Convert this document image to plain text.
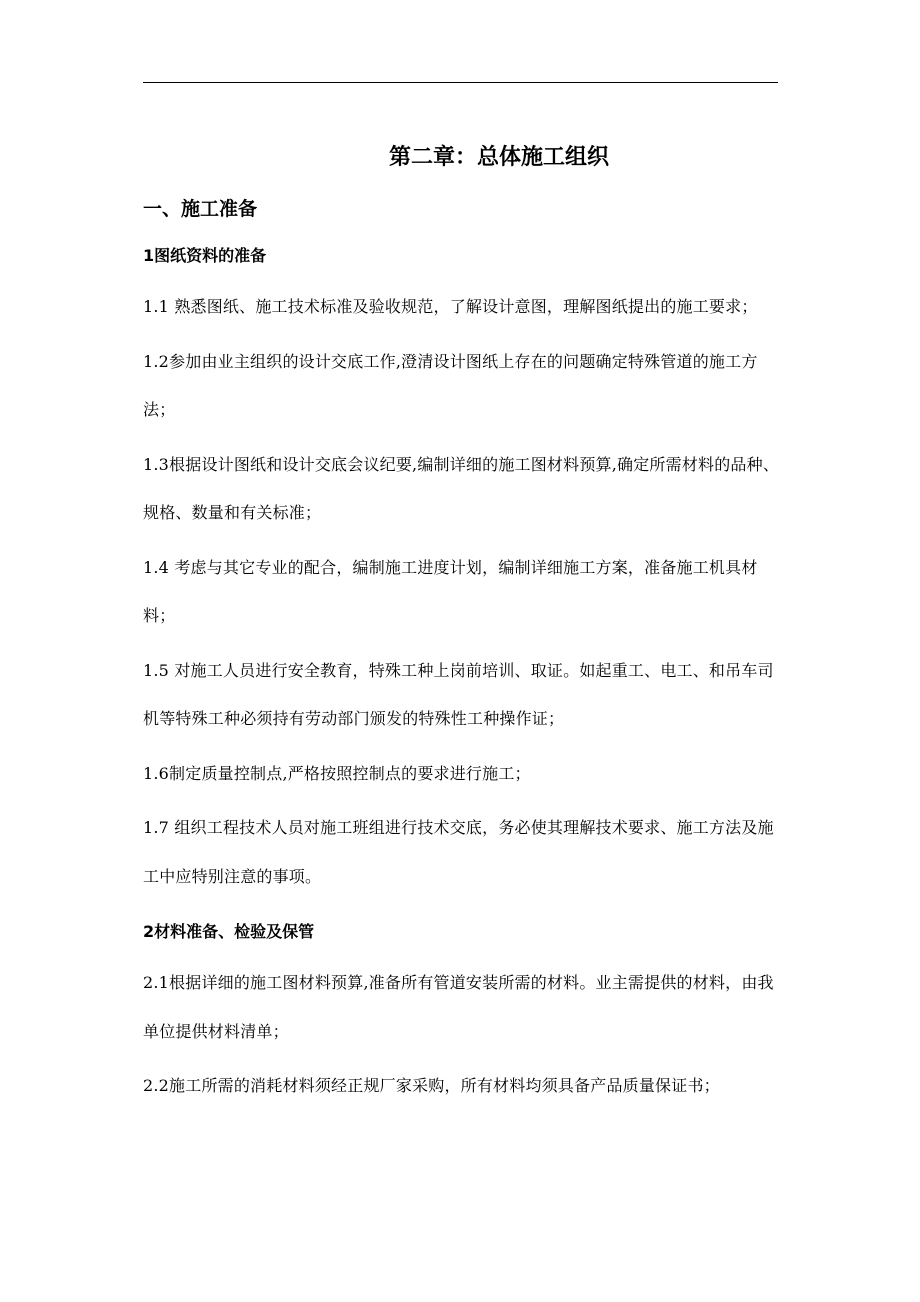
第二章：总体施工组织
一、施工准备
1图纸资料的准备

1.1 熟悉图纸、施工技术标准及验收规范，了解设计意图，理解图纸提出的施工要求；

1.2参加由业主组织的设计交底工作,澄清设计图纸上存在的问题确定特殊管道的施工方法；

1.3根据设计图纸和设计交底会议纪要,编制详细的施工图材料预算,确定所需材料的品种、规格、数量和有关标准；

1.4 考虑与其它专业的配合，编制施工进度计划，编制详细施工方案，准备施工机具材料；

1.5 对施工人员进行安全教育，特殊工种上岗前培训、取证。如起重工、电工、和吊车司机等特殊工种必须持有劳动部门颁发的特殊性工种操作证；

1.6制定质量控制点,严格按照控制点的要求进行施工；

1.7 组织工程技术人员对施工班组进行技术交底，务必使其理解技术要求、施工方法及施工中应特别注意的事项。

2材料准备、检验及保管

2.1根据详细的施工图材料预算,准备所有管道安装所需的材料。业主需提供的材料，由我单位提供材料清单；

2.2施工所需的消耗材料须经正规厂家采购，所有材料均须具备产品质量保证书；
